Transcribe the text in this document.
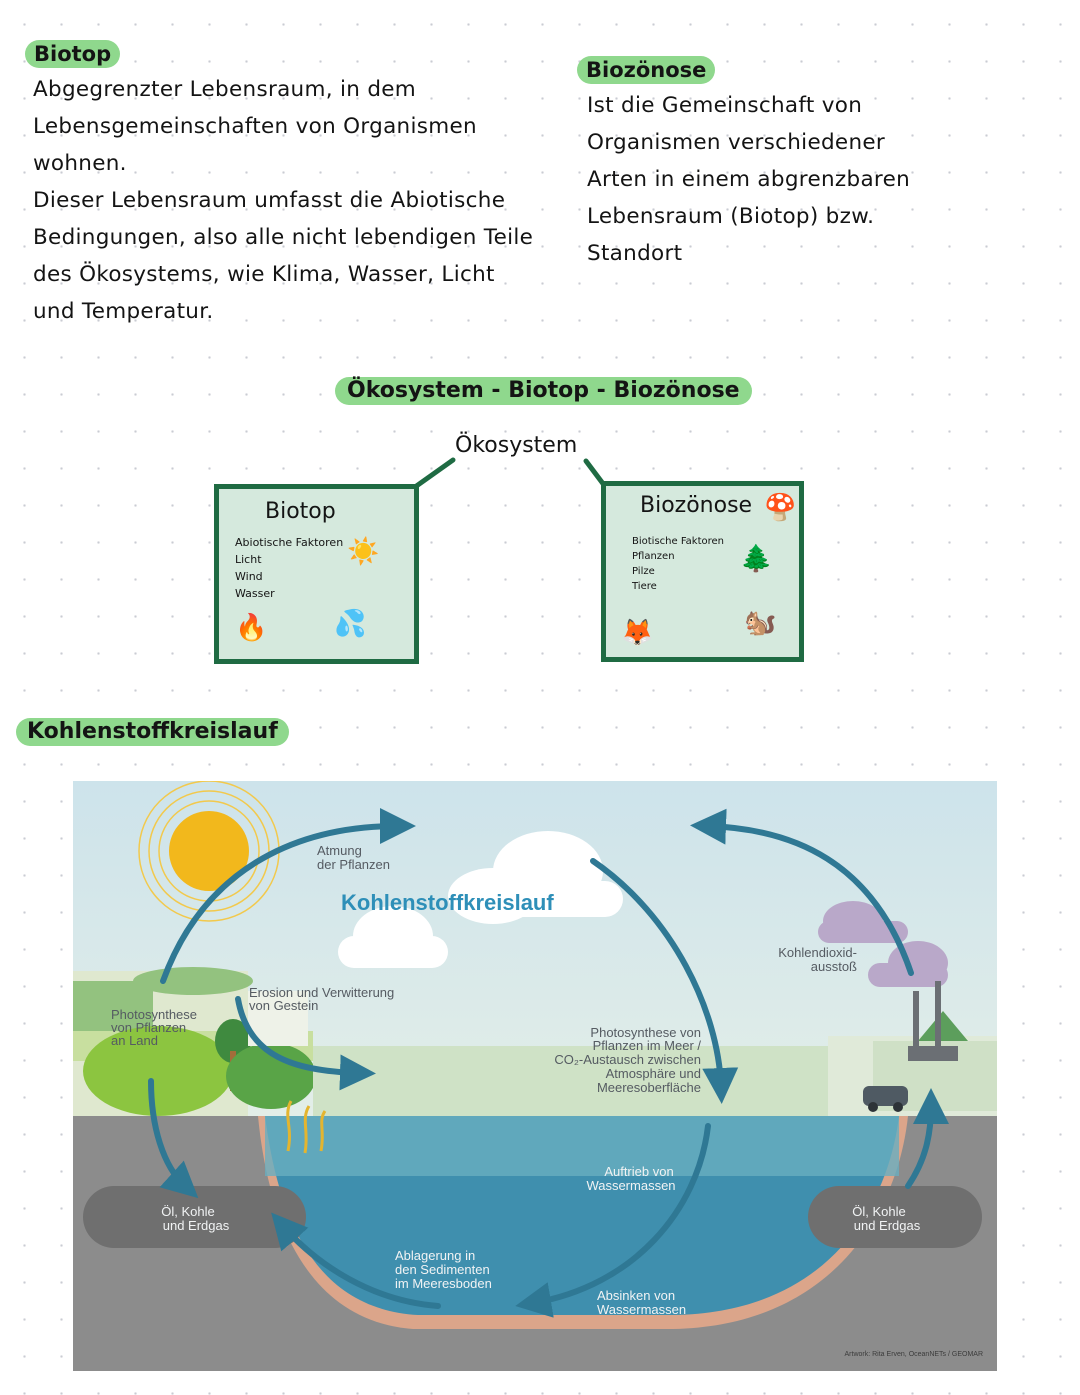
Biotop
Abgegrenzter Lebensraum, in dem
Lebensgemeinschaften von Organismen
wohnen.
Dieser Lebensraum umfasst die Abiotische
Bedingungen, also alle nicht lebendigen Teile
des Ökosystems, wie Klima, Wasser, Licht
und Temperatur.
Biozönose
Ist die Gemeinschaft von
Organismen verschiedener
Arten in einem abgrenzbaren
Lebensraum (Biotop) bzw.
Standort
Ökosystem - Biotop - Biozönose
Ökosystem
Biotop
Abiotische Faktoren
Licht
Wind
Wasser
☀️
🔥	💦
Biozönose 🍄
Biotische Faktoren
Pflanzen
Pilze
Tiere
🌲
🦊	🐿️
Kohlenstoffkreislauf
Kohlenstoffkreislauf
Atmung
der Pflanzen
Erosion und Verwitterung
von Gestein
Photosynthese
von Pflanzen
an Land
Kohlendioxid-
ausstoß
Photosynthese von
Pflanzen im Meer /
CO₂-Austausch zwischen
Atmosphäre und
Meeresoberfläche
Auftrieb von
Wassermassen
Öl, Kohle
und Erdgas
Öl, Kohle
und Erdgas
Ablagerung in
den Sedimenten
im Meeresboden
Absinken von
Wassermassen
Artwork: Rita Erven, OceanNETs / GEOMAR
